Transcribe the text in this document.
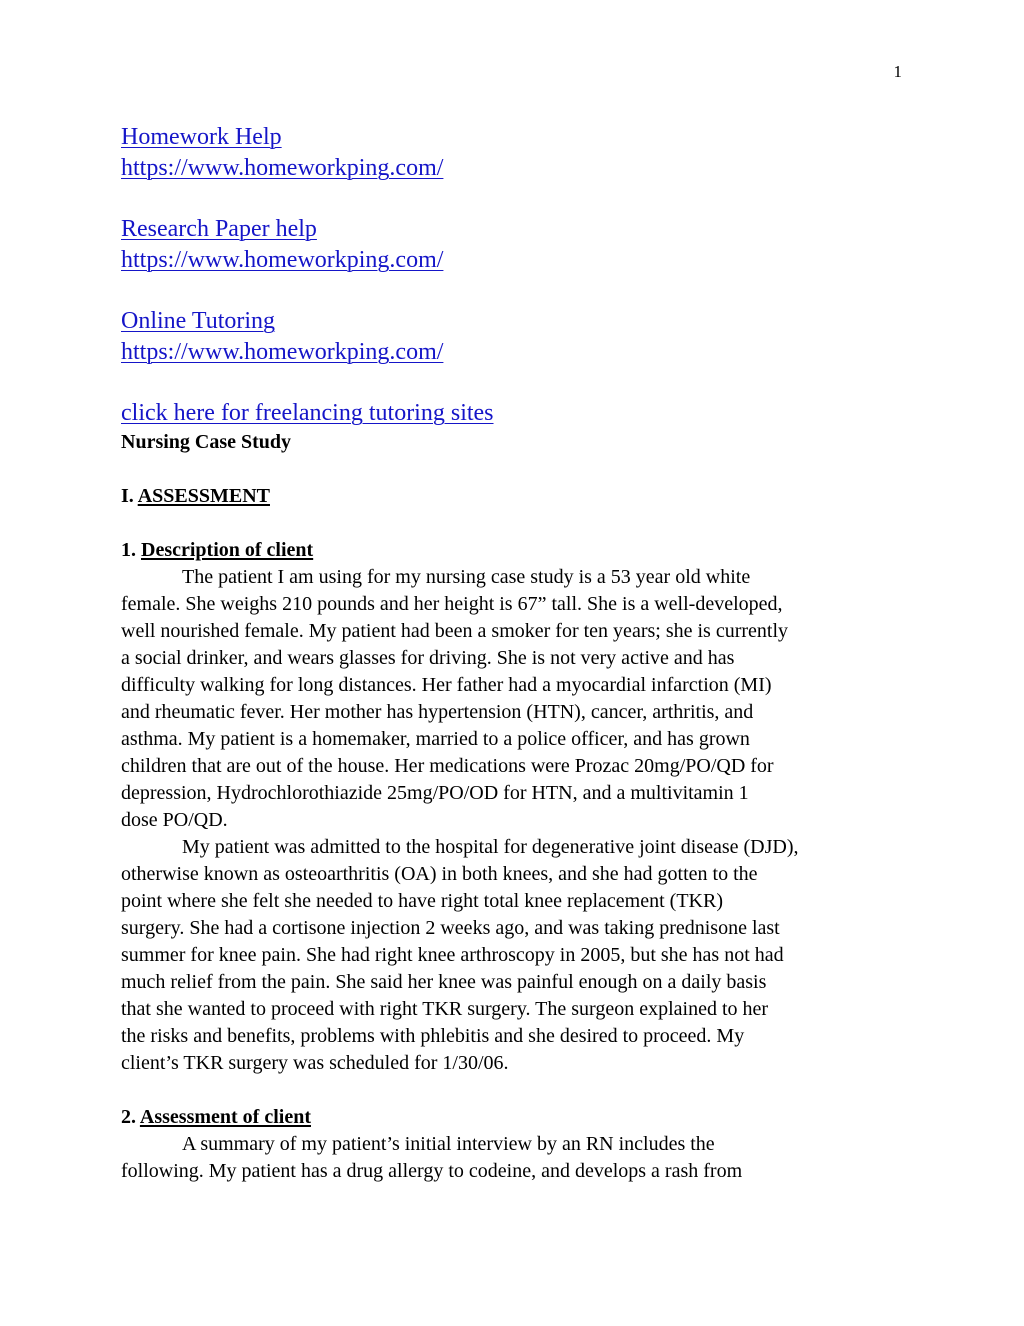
1
Homework Help
https://www.homeworkping.com/
Research Paper help
https://www.homeworkping.com/
Online Tutoring
https://www.homeworkping.com/
click here for freelancing tutoring sites

Nursing Case Study

I. ASSESSMENT

1. Description of client

The patient I am using for my nursing case study is a 53 year old white
female. She weighs 210 pounds and her height is 67” tall. She is a well-developed,
well nourished female. My patient had been a smoker for ten years; she is currently
a social drinker, and wears glasses for driving. She is not very active and has
difficulty walking for long distances. Her father had a myocardial infarction (MI)
and rheumatic fever. Her mother has hypertension (HTN), cancer, arthritis, and
asthma. My patient is a homemaker, married to a police officer, and has grown
children that are out of the house. Her medications were Prozac 20mg/PO/QD for
depression, Hydrochlorothiazide 25mg/PO/OD for HTN, and a multivitamin 1
dose PO/QD.

My patient was admitted to the hospital for degenerative joint disease (DJD),
otherwise known as osteoarthritis (OA) in both knees, and she had gotten to the
point where she felt she needed to have right total knee replacement (TKR)
surgery. She had a cortisone injection 2 weeks ago, and was taking prednisone last
summer for knee pain. She had right knee arthroscopy in 2005, but she has not had
much relief from the pain. She said her knee was painful enough on a daily basis
that she wanted to proceed with right TKR surgery. The surgeon explained to her
the risks and benefits, problems with phlebitis and she desired to proceed. My
client’s TKR surgery was scheduled for 1/30/06.

2. Assessment of client

A summary of my patient’s initial interview by an RN includes the
following. My patient has a drug allergy to codeine, and develops a rash from
